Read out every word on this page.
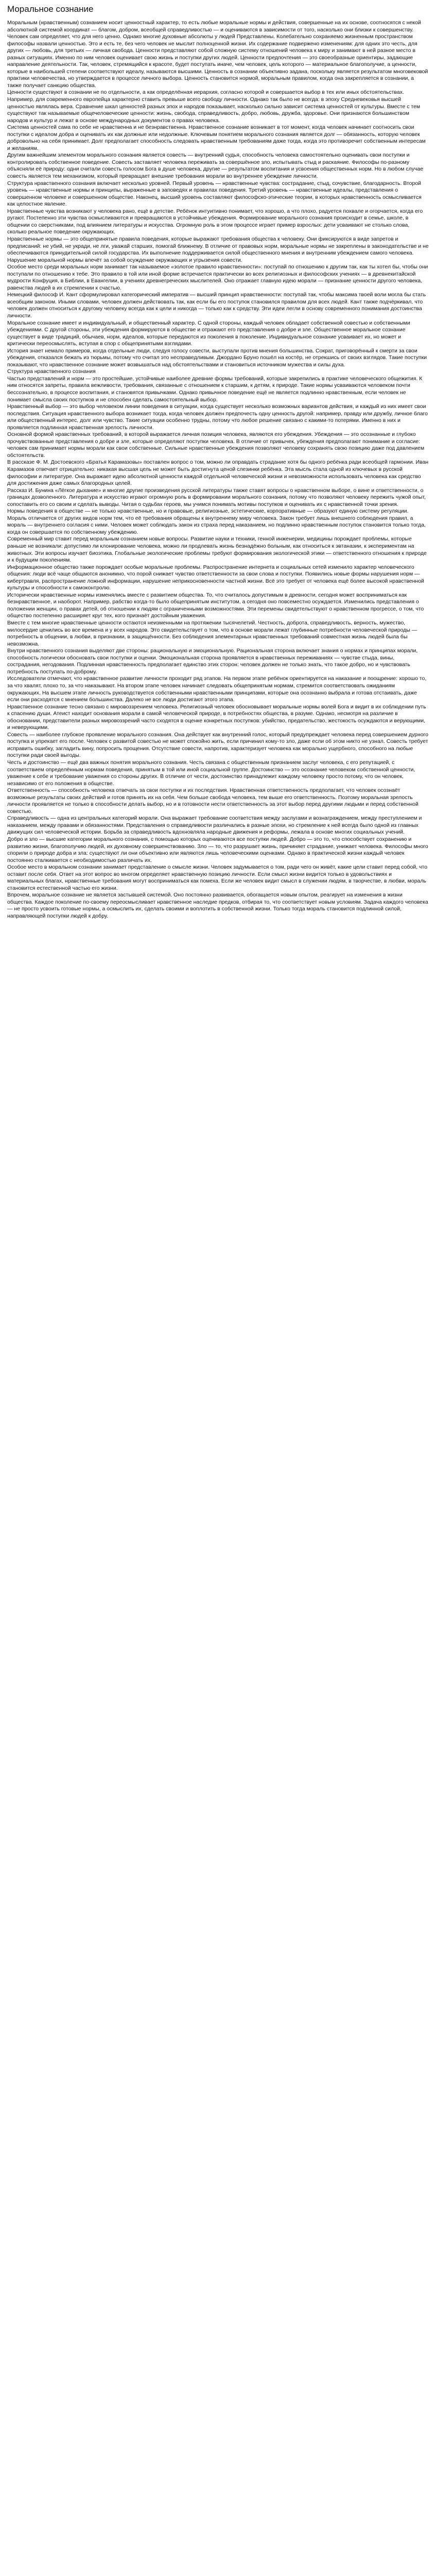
Моральное сознание

Моральным (нравственным) сознанием носит ценностный характер, то есть любые моральные нормы и действия, совершенные на их основе, соотносятся с некой абсолютной системой координат — благом, добром, всеобщей справедливостью — и оцениваются в зависимости от того, насколько они близки к совершенству.

Человек сам определяет, что для него ценно. Однако многие духовные абсолюты у людей Представлены. Колебательно сохраняемо жизненным пространством философы назвали ценностью. Это и есть те, без чего человек не мыслит полноценной жизни. Их содержание подвержено изменениям: для одних это честь, для других — любовь, для третьих — личная свобода. Ценности представляют собой сложную систему отношений человека к миру и занимают в ней разное место в разных ситуациях. Именно по ним человек оценивает свою жизнь и поступки других людей. Ценности предпочтения — это своеобразные ориентиры, задающие направление деятельности. Так, человек, стремящийся к красоте, будет поступать иначе, чем человек, цель которого — материальное благополучие, а ценности, которые в наибольшей степени соответствуют идеалу, называются высшими. Ценность в сознании объективно задана, поскольку является результатом многовековой практики человечества, но утверждается в процессе личного выбора. Ценность становится нормой, моральным правилом, когда она закрепляется в сознании, а также получает санкцию общества.

Ценности существуют в сознании не по отдельности, а как определённая иерархия, согласно которой и совершается выбор в тех или иных обстоятельствах. Например, для современного европейца характерно ставить превыше всего свободу личности. Однако так было не всегда: в эпоху Средневековья высшей ценностью являлась вера. Сравнение шкал ценностей разных эпох и народов показывает, насколько сильно зависит система ценностей от культуры. Вместе с тем существуют так называемые общечеловеческие ценности: жизнь, свобода, справедливость, добро, любовь, дружба, здоровье. Они признаются большинством народов и культур и лежат в основе международных документов о правах человека.

Система ценностей сама по себе не нравственна и не безнравственна. Нравственное сознание возникает в тот момент, когда человек начинает соотносить свои поступки с идеалом добра и оценивать их как должные или недолжные. Ключевым понятием морального сознания является долг — обязанность, которую человек добровольно на себя принимает. Долг предполагает способность следовать нравственным требованиям даже тогда, когда это противоречит собственным интересам и желаниям.

Другим важнейшим элементом морального сознания является совесть — внутренний судья, способность человека самостоятельно оценивать свои поступки и контролировать собственное поведение. Совесть заставляет человека переживать за совершённое зло, испытывать стыд и раскаяние. Философы по-разному объясняли её природу: одни считали совесть голосом Бога в душе человека, другие — результатом воспитания и усвоения общественных норм. Но в любом случае совесть является тем механизмом, который превращает внешние требования морали во внутреннее убеждение личности.

Структура нравственного сознания включает несколько уровней. Первый уровень — нравственные чувства: сострадание, стыд, сочувствие, благодарность. Второй уровень — нравственные нормы и принципы, выраженные в заповедях и правилах поведения. Третий уровень — нравственные идеалы, представления о совершенном человеке и совершенном обществе. Наконец, высший уровень составляют философско-этические теории, в которых нравственность осмысливается как целостное явление.

Нравственные чувства возникают у человека рано, ещё в детстве. Ребёнок интуитивно понимает, что хорошо, а что плохо, радуется похвале и огорчается, когда его ругают. Постепенно эти чувства осмысливаются и превращаются в устойчивые убеждения. Формирование морального сознания происходит в семье, школе, в общении со сверстниками, под влиянием литературы и искусства. Огромную роль в этом процессе играет пример взрослых: дети усваивают не столько слова, сколько реальное поведение окружающих.

Нравственные нормы — это общепринятые правила поведения, которые выражают требования общества к человеку. Они фиксируются в виде запретов и предписаний: не убий, не укради, не лги, уважай старших, помогай ближнему. В отличие от правовых норм, моральные нормы не закреплены в законодательстве и не обеспечиваются принудительной силой государства. Их выполнение поддерживается силой общественного мнения и внутренним убеждением самого человека. Нарушение моральной нормы влечёт за собой осуждение окружающих и угрызения совести.

Особое место среди моральных норм занимает так называемое «золотое правило нравственности»: поступай по отношению к другим так, как ты хотел бы, чтобы они поступали по отношению к тебе. Это правило в той или иной форме встречается практически во всех религиозных и философских учениях — в древнекитайской мудрости Конфуция, в Библии, в Евангелии, в учениях древнегреческих мыслителей. Оно отражает главную идею морали — признание ценности другого человека, равенства людей в их стремлении к счастью.

Немецкий философ И. Кант сформулировал категорический императив — высший принцип нравственности: поступай так, чтобы максима твоей воли могла бы стать всеобщим законом. Иными словами, человек должен действовать так, как если бы его поступок становился правилом для всех людей. Кант также подчёркивал, что человек должен относиться к другому человеку всегда как к цели и никогда — только как к средству. Эти идеи легли в основу современного понимания достоинства личности.

Моральное сознание имеет и индивидуальный, и общественный характер. С одной стороны, каждый человек обладает собственной совестью и собственными убеждениями. С другой стороны, эти убеждения формируются в обществе и отражают его представления о добре и зле. Общественное моральное сознание существует в виде традиций, обычаев, норм, идеалов, которые передаются из поколения в поколение. Индивидуальное сознание усваивает их, но может и критически переосмыслять, вступая в спор с общепринятыми взглядами.

История знает немало примеров, когда отдельные люди, следуя голосу совести, выступали против мнения большинства. Сократ, приговорённый к смерти за свои убеждения, отказался бежать из тюрьмы, потому что считал это несправедливым. Джордано Бруно пошёл на костёр, не отрекшись от своих взглядов. Такие поступки показывают, что нравственное сознание может возвышаться над обстоятельствами и становиться источником мужества и силы духа.

Структура нравственного сознания

Частью представлений и норм — это простейшие, устойчивые наиболее древние формы требований, которые закрепились в практике человеческого общежития. К ним относятся запреты, правила вежливости, требования, связанные с отношением к старшим, к детям, к природе. Такие нормы усваиваются человеком почти бессознательно, в процессе воспитания, и становятся привычками. Однако привычное поведение ещё не является подлинно нравственным, если человек не понимает смысла своих поступков и не способен сделать самостоятельный выбор.

Нравственный выбор — это выбор человеком линии поведения в ситуации, когда существует несколько возможных вариантов действия, и каждый из них имеет свои последствия. Ситуация нравственного выбора возникает тогда, когда человек должен предпочесть одну ценность другой: например, правду или дружбу, личное благо или общественный интерес, долг или чувство. Такие ситуации особенно трудны, потому что любое решение связано с какими-то потерями. Именно в них и проявляется подлинная нравственная зрелость личности.

Основной формой нравственных требований, в которой выражается личная позиция человека, являются его убеждения. Убеждения — это осознанные и глубоко прочувствованные представления о добре и зле, которые определяют поступки человека. В отличие от привычек, убеждения предполагают понимание и согласие: человек сам принимает нормы морали как свои собственные. Сильные нравственные убеждения позволяют человеку сохранять свою позицию даже под давлением обстоятельств.

В рассказе Ф. М. Достоевского «Братья Карамазовы» поставлен вопрос о том, можно ли оправдать страдание хотя бы одного ребёнка ради всеобщей гармонии. Иван Карамазов отвечает отрицательно: никакая высшая цель не может быть достигнута ценой слезинки ребёнка. Эта мысль стала одной из ключевых в русской философии и литературе. Она выражает идею абсолютной ценности каждой отдельной человеческой жизни и невозможности использовать человека как средство для достижения даже самых благородных целей.

Рассказ И. Бунина «Лёгкое дыхание» и многие другие произведения русской литературы также ставят вопросы о нравственном выборе, о вине и ответственности, о границах дозволенного. Литература и искусство играют огромную роль в формировании морального сознания, потому что позволяют человеку пережить чужой опыт, сопоставить его со своим и сделать выводы. Читая о судьбах героев, мы учимся понимать мотивы поступков и оценивать их с нравственной точки зрения.

Нормы поведения в обществе — не только нравственные, но и правовые, религиозные, эстетические, корпоративные — образуют единую систему регуляции. Мораль отличается от других видов норм тем, что её требования обращены к внутреннему миру человека. Закон требует лишь внешнего соблюдения правил, а мораль — внутреннего согласия с ними. Человек может соблюдать закон из страха перед наказанием, но подлинно нравственным поступок становится только тогда, когда он совершается по собственному убеждению.

Современный мир ставит перед моральным сознанием новые вопросы. Развитие науки и техники, генной инженерии, медицины порождает проблемы, которые раньше не возникали: допустимо ли клонирование человека, можно ли продлевать жизнь безнадёжно больным, как относиться к эвтаназии, к экспериментам на животных. Эти вопросы изучает биоэтика. Глобальные экологические проблемы требуют формирования экологической этики — ответственного отношения к природе и к будущим поколениям.

Информационное общество также порождает особые моральные проблемы. Распространение интернета и социальных сетей изменило характер человеческого общения: люди всё чаще общаются анонимно, что порой снижает чувство ответственности за свои слова и поступки. Появились новые формы нарушения норм — кибертравля, распространение ложной информации, нарушение неприкосновенности частной жизни. Всё это требует от человека ещё более высокой нравственной культуры и способности к самоконтролю.

Исторически нравственные нормы изменялись вместе с развитием общества. То, что считалось допустимым в древности, сегодня может восприниматься как безнравственное, и наоборот. Например, рабство когда-то было общепринятым институтом, а сегодня оно повсеместно осуждается. Изменились представления о положении женщин, о правах детей, об отношении к людям с ограниченными возможностями. Эти перемены свидетельствуют о нравственном прогрессе, о том, что общество постепенно расширяет круг тех, кого признаёт достойным уважения.

Вместе с тем многие нравственные ценности остаются неизменными на протяжении тысячелетий. Честность, доброта, справедливость, верность, мужество, милосердие ценились во все времена и у всех народов. Это свидетельствует о том, что в основе морали лежат глубинные потребности человеческой природы — потребность в общении, в любви, в признании, в защищённости. Без соблюдения элементарных нравственных требований совместная жизнь людей была бы невозможна.

Внутри нравственного сознания выделяют две стороны: рациональную и эмоциональную. Рациональная сторона включает знания о нормах и принципах морали, способность логически обосновать свои поступки и оценки. Эмоциональная сторона проявляется в нравственных переживаниях — чувстве стыда, вины, сострадания, негодования. Подлинная нравственность предполагает единство этих сторон: человек должен не только знать, что такое добро, но и чувствовать потребность поступать по-доброму.

Исследователи отмечают, что нравственное развитие личности проходит ряд этапов. На первом этапе ребёнок ориентируется на наказание и поощрение: хорошо то, за что хвалят, плохо то, за что наказывают. На втором этапе человек начинает следовать общепринятым нормам, стремится соответствовать ожиданиям окружающих. На высшем этапе личность руководствуется собственными нравственными принципами, которые она осознанно выбрала и готова отстаивать, даже если они расходятся с мнением большинства. Далеко не все люди достигают этого этапа.

Нравственное сознание тесно связано с мировоззрением человека. Религиозный человек обосновывает моральные нормы волей Бога и видит в их соблюдении путь к спасению души. Атеист находит основания морали в самой человеческой природе, в потребностях общества, в разуме. Однако, несмотря на различие в обосновании, представители разных мировоззрений часто сходятся в оценке конкретных поступков: убийство, предательство, жестокость осуждаются и верующими, и неверующими.

Совесть — наиболее глубокое проявление морального сознания. Она действует как внутренний голос, который предупреждает человека перед совершением дурного поступка и упрекает его после. Человек с развитой совестью не может спокойно жить, если причинил кому-то зло, даже если об этом никто не узнал. Совесть требует исправить ошибку, загладить вину, попросить прощения. Отсутствие совести, напротив, характеризует человека как морально ущербного, способного на любые поступки ради своей выгоды.

Честь и достоинство — ещё два важных понятия морального сознания. Честь связана с общественным признанием заслуг человека, с его репутацией, с соответствием определённым нормам поведения, принятым в той или иной социальной группе. Достоинство — это осознание человеком собственной ценности, уважение к себе и требование уважения со стороны других. В отличие от чести, достоинство принадлежит каждому человеку просто потому, что он человек, независимо от его положения в обществе.

Ответственность — способность человека отвечать за свои поступки и их последствия. Нравственная ответственность предполагает, что человек осознаёт возможные результаты своих действий и готов принять их на себя. Чем больше свобода человека, тем выше его ответственность. Поэтому моральная зрелость личности проявляется не только в способности делать выбор, но и в готовности нести ответственность за этот выбор перед другими людьми и перед собственной совестью.

Справедливость — одна из центральных категорий морали. Она выражает требование соответствия между заслугами и вознаграждением, между преступлением и наказанием, между правами и обязанностями. Представления о справедливости различались в разные эпохи, но стремление к ней всегда было одной из главных движущих сил человеческой истории. Борьба за справедливость вдохновляла народные движения и реформы, лежала в основе многих социальных учений.

Добро и зло — высшие категории морального сознания, с помощью которых оцениваются все поступки людей. Добро — это то, что способствует сохранению и развитию жизни, благополучию людей, их духовному совершенствованию. Зло — то, что разрушает жизнь, причиняет страдание, унижает человека. Философы много спорили о природе добра и зла: существуют ли они объективно или являются лишь человеческими оценками. Однако в практической жизни каждый человек постоянно сталкивается с необходимостью различать их.

Особое место в моральном сознании занимает представление о смысле жизни. Человек задумывается о том, ради чего он живёт, какие цели ставит перед собой, что оставит после себя. Ответ на этот вопрос во многом определяет нравственную позицию личности. Если смысл жизни видится только в удовольствиях и материальных благах, нравственные требования могут восприниматься как помеха. Если же человек видит смысл в служении людям, в творчестве, в любви, мораль становится естественной частью его жизни.

Впрочем, моральное сознание не является застывшей системой. Оно постоянно развивается, обогащается новым опытом, реагирует на изменения в жизни общества. Каждое поколение по-своему переосмысливает нравственное наследие предков, отбирая то, что соответствует новым условиям. Задача каждого человека — не просто усвоить готовые нормы, а осмыслить их, сделать своими и воплотить в собственной жизни. Только тогда мораль становится подлинной силой, направляющей поступки людей к добру.
